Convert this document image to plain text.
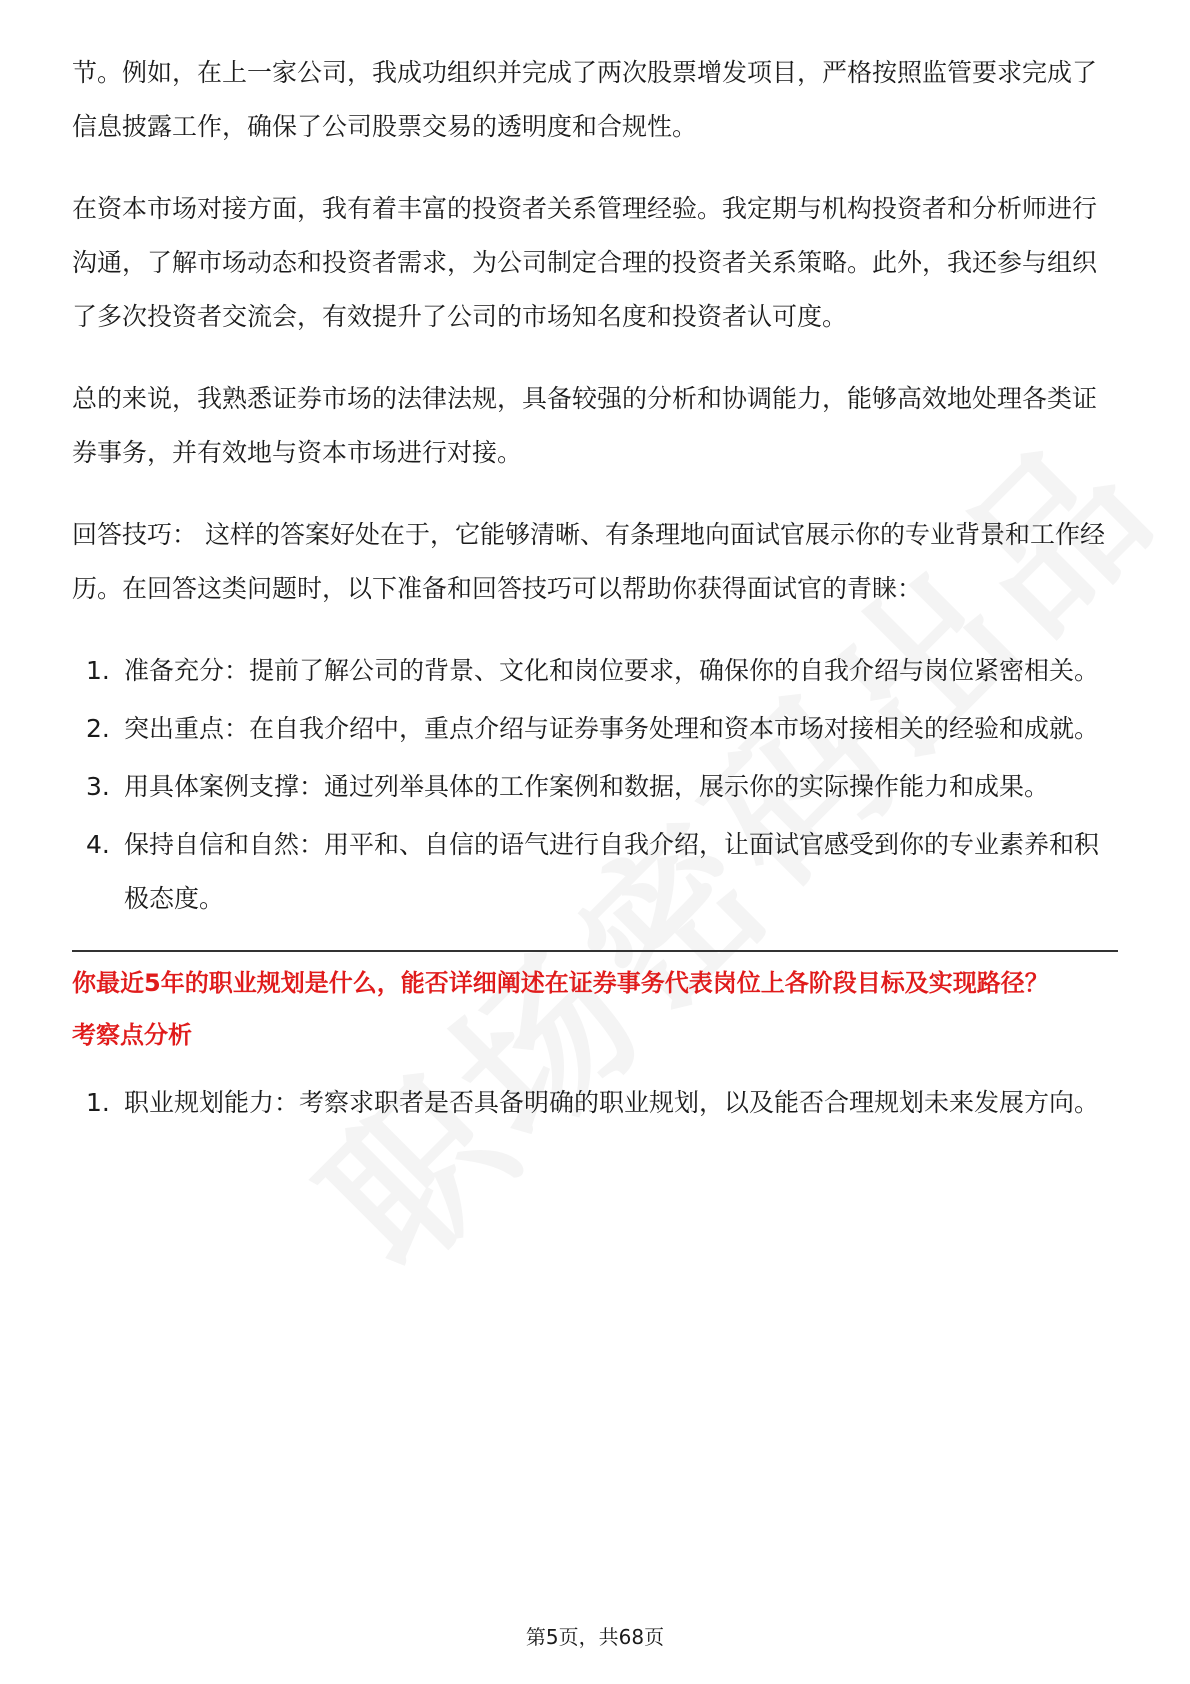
节。例如，在上一家公司，我成功组织并完成了两次股票增发项目，严格按照监管要求完成了信息披露工作，确保了公司股票交易的透明度和合规性。

在资本市场对接方面，我有着丰富的投资者关系管理经验。我定期与机构投资者和分析师进行沟通，了解市场动态和投资者需求，为公司制定合理的投资者关系策略。此外，我还参与组织了多次投资者交流会，有效提升了公司的市场知名度和投资者认可度。

总的来说，我熟悉证券市场的法律法规，具备较强的分析和协调能力，能够高效地处理各类证券事务，并有效地与资本市场进行对接。

回答技巧： 这样的答案好处在于，它能够清晰、有条理地向面试官展示你的专业背景和工作经历。在回答这类问题时，以下准备和回答技巧可以帮助你获得面试官的青睐：

1. 准备充分：提前了解公司的背景、文化和岗位要求，确保你的自我介绍与岗位紧密相关。
2. 突出重点：在自我介绍中，重点介绍与证券事务处理和资本市场对接相关的经验和成就。
3. 用具体案例支撑：通过列举具体的工作案例和数据，展示你的实际操作能力和成果。
4. 保持自信和自然：用平和、自信的语气进行自我介绍，让面试官感受到你的专业素养和积极态度。
你最近5年的职业规划是什么，能否详细阐述在证券事务代表岗位上各阶段目标及实现路径？
考察点分析
1. 职业规划能力：考察求职者是否具备明确的职业规划，以及能否合理规划未来发展方向。
第5页，共68页
